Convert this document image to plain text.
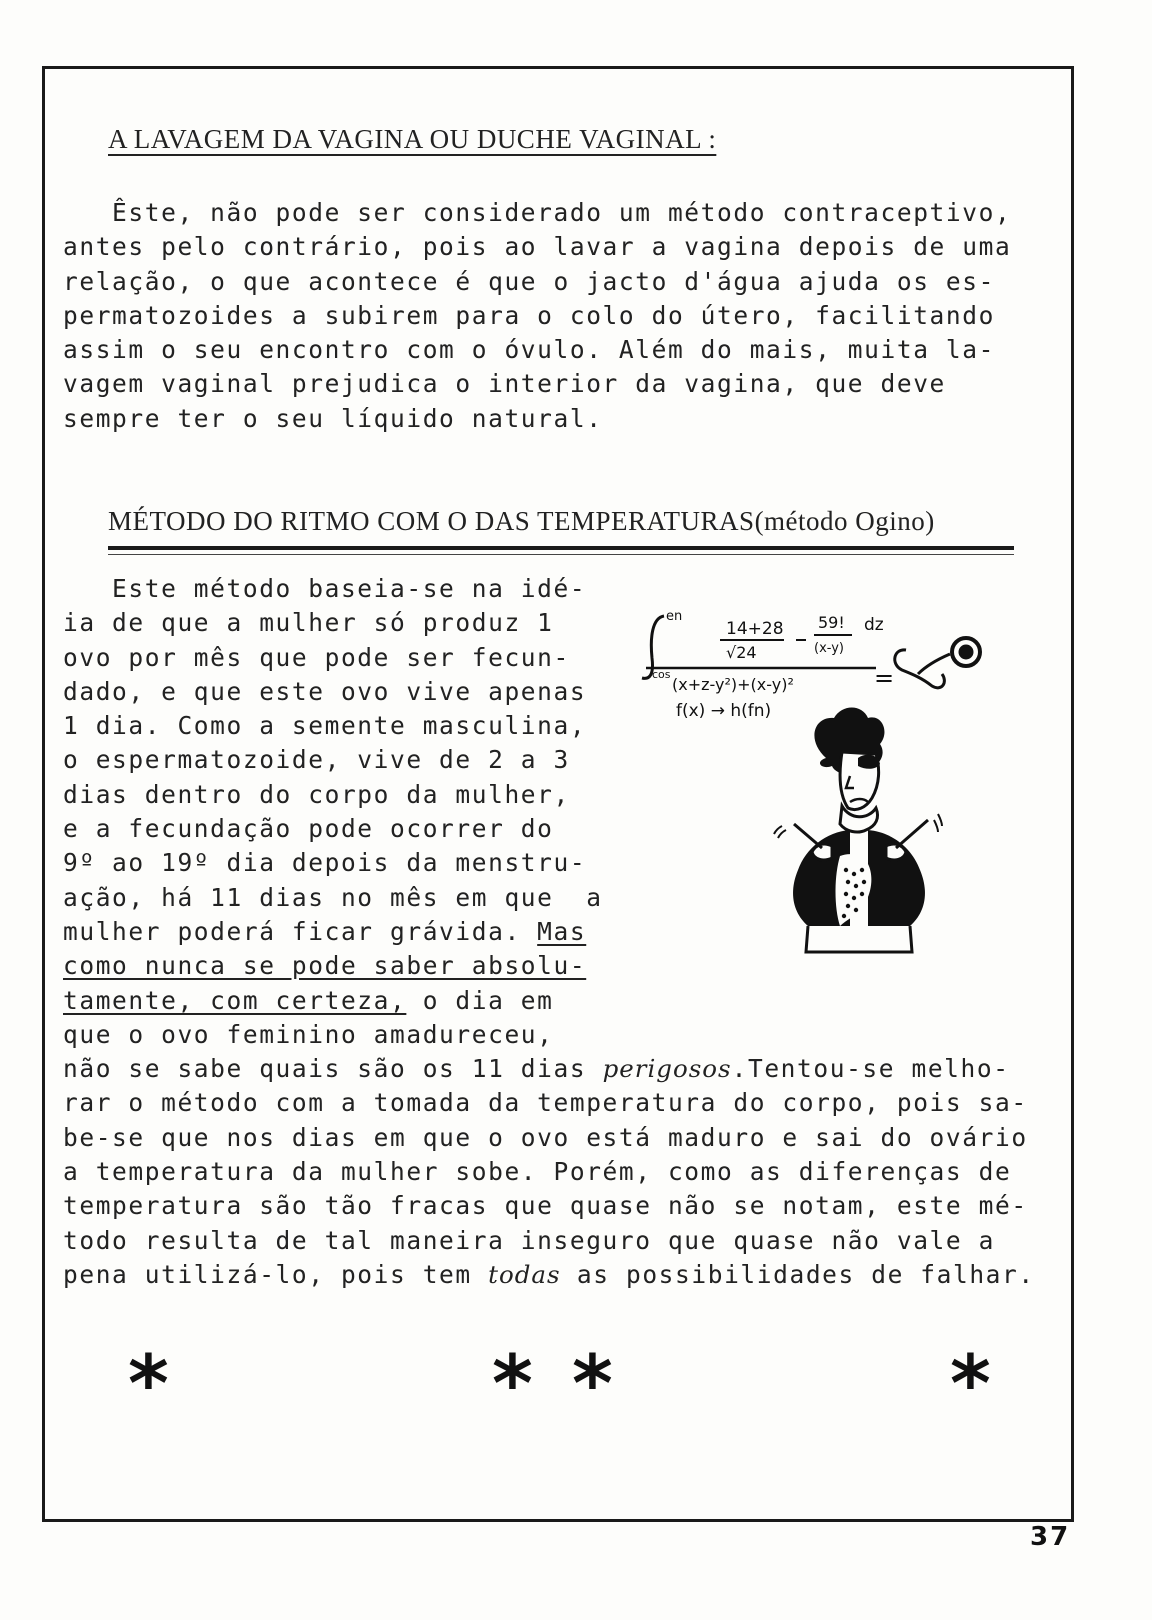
A LAVAGEM DA VAGINA OU DUCHE VAGINAL :
Êste, não pode ser considerado um método contraceptivo,
antes pelo contrário, pois ao lavar a vagina depois de uma
relação, o que acontece é que o jacto d'água ajuda os es-
permatozoides a subirem para o colo do útero, facilitando
assim o seu encontro com o óvulo. Além do mais, muita la-
vagem vaginal prejudica o interior da vagina, que deve
sempre ter o seu líquido natural.
MÉTODO DO RITMO COM O DAS TEMPERATURAS(método Ogino)
Este método baseia-se na idé-
ia de que a mulher só produz 1
ovo por mês que pode ser fecun-
dado, e que este ovo vive apenas
1 dia. Como a semente masculina,
o espermatozoide, vive de 2 a 3
dias dentro do corpo da mulher,
e a fecundação pode ocorrer do
9º ao 19º dia depois da menstru-
ação, há 11 dias no mês em que  a
mulher poderá ficar grávida. Mas
como nunca se pode saber absolu-
tamente, com certeza, o dia em
que o ovo feminino amadureceu,
não se sabe quais são os 11 dias perigosos.Tentou-se melho-
rar o método com a tomada da temperatura do corpo, pois sa-
be-se que nos dias em que o ovo está maduro e sai do ovário
a temperatura da mulher sobe. Porém, como as diferenças de
temperatura são tão fracas que quase não se notam, este mé-
todo resulta de tal maneira inseguro que quase não vale a
pena utilizá-lo, pois tem todas as possibilidades de falhar.
en
cos
14+28
√24
59!
(x-y)
dz
(x+z-y²)+(x-y)²	=
f(x) → h(fn)
*	* *	*
37
